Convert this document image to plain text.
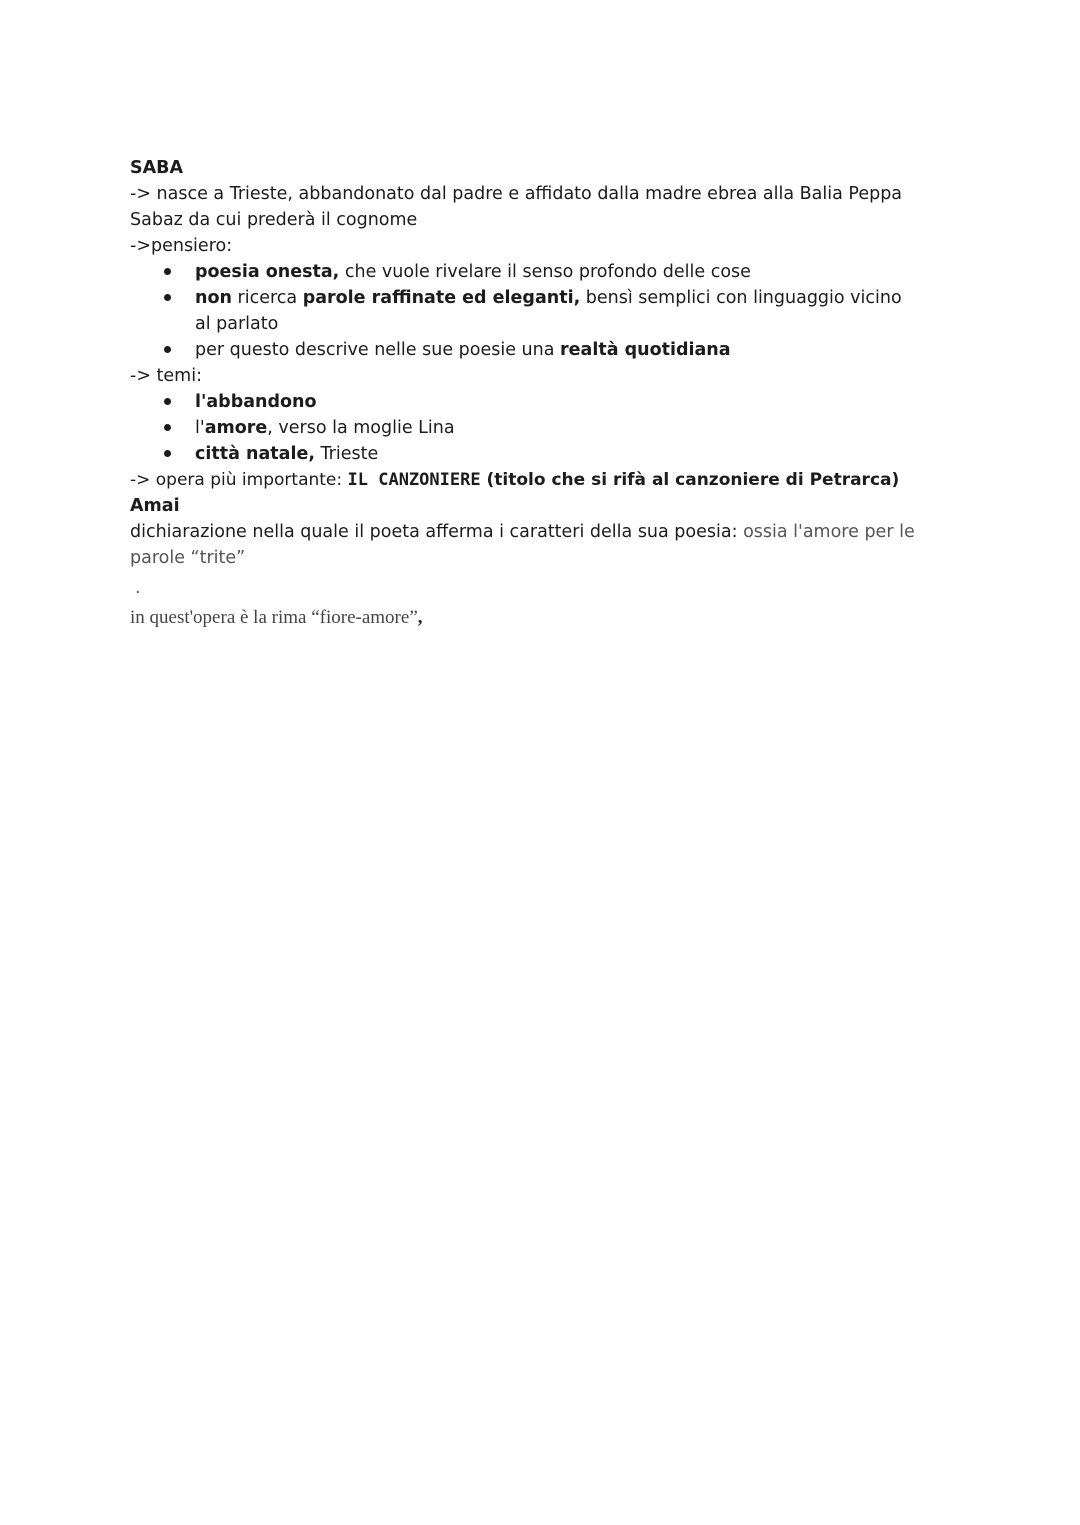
SABA

-> nasce a Trieste, abbandonato dal padre e affidato dalla madre ebrea alla Balia Peppa

Sabaz da cui prederà il cognome

->pensiero:

poesia onesta, che vuole rivelare il senso profondo delle cose
non ricerca parole raffinate ed eleganti, bensì semplici con linguaggio vicino al parlato
per questo descrive nelle sue poesie una realtà quotidiana

-> temi:

l'abbandono
l'amore, verso la moglie Lina
città natale, Trieste

-> opera più importante: IL CANZONIERE (titolo che si rifà al canzoniere di Petrarca)

Amai

dichiarazione nella quale il poeta afferma i caratteri della sua poesia: ossia l'amore per le parole “trite”

.

in quest'opera è la rima “fiore-amore”,
